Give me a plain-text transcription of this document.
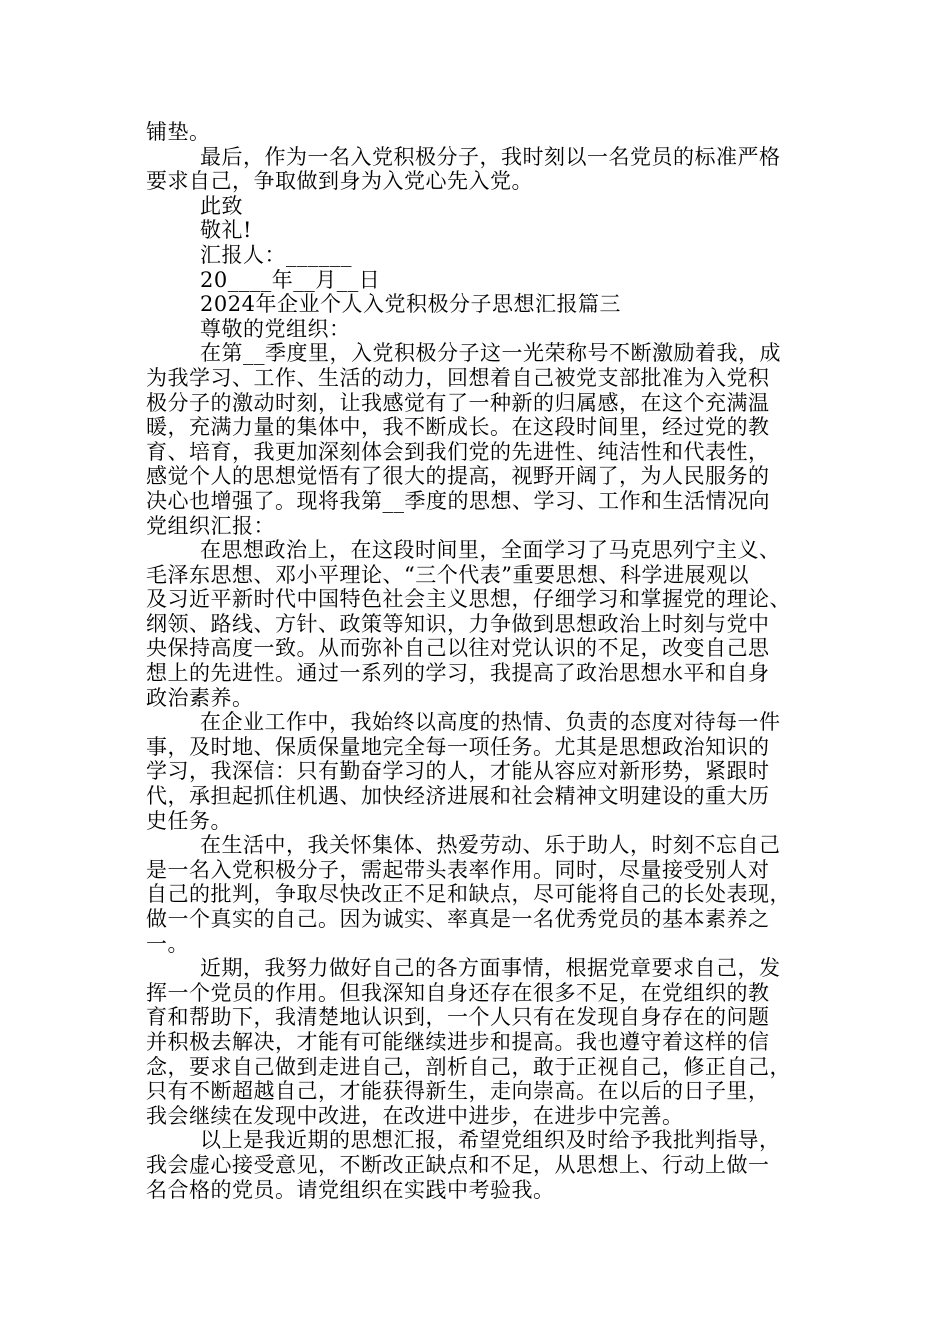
铺垫。
最后，作为一名入党积极分子，我时刻以一名党员的标准严格
要求自己，争取做到身为入党心先入党。
此致
敬礼!
汇报人：______
20____年__月__日
2024年企业个人入党积极分子思想汇报篇三
尊敬的党组织：
在第__季度里，入党积极分子这一光荣称号不断激励着我，成
为我学习、工作、生活的动力，回想着自己被党支部批准为入党积
极分子的激动时刻，让我感觉有了一种新的归属感，在这个充满温
暖，充满力量的集体中，我不断成长。在这段时间里，经过党的教
育、培育，我更加深刻体会到我们党的先进性、纯洁性和代表性，
感觉个人的思想觉悟有了很大的提高，视野开阔了，为人民服务的
决心也增强了。现将我第__季度的思想、学习、工作和生活情况向
党组织汇报：
在思想政治上，在这段时间里，全面学习了马克思列宁主义、
毛泽东思想、邓小平理论、“三个代表”重要思想、科学进展观以
及习近平新时代中国特色社会主义思想，仔细学习和掌握党的理论、
纲领、路线、方针、政策等知识，力争做到思想政治上时刻与党中
央保持高度一致。从而弥补自己以往对党认识的不足，改变自己思
想上的先进性。通过一系列的学习，我提高了政治思想水平和自身
政治素养。
在企业工作中，我始终以高度的热情、负责的态度对待每一件
事，及时地、保质保量地完全每一项任务。尤其是思想政治知识的
学习，我深信：只有勤奋学习的人，才能从容应对新形势，紧跟时
代，承担起抓住机遇、加快经济进展和社会精神文明建设的重大历
史任务。
在生活中，我关怀集体、热爱劳动、乐于助人，时刻不忘自己
是一名入党积极分子，需起带头表率作用。同时，尽量接受别人对
自己的批判，争取尽快改正不足和缺点，尽可能将自己的长处表现，
做一个真实的自己。因为诚实、率真是一名优秀党员的基本素养之
一。
近期，我努力做好自己的各方面事情，根据党章要求自己，发
挥一个党员的作用。但我深知自身还存在很多不足，在党组织的教
育和帮助下，我清楚地认识到，一个人只有在发现自身存在的问题
并积极去解决，才能有可能继续进步和提高。我也遵守着这样的信
念，要求自己做到走进自己，剖析自己，敢于正视自己，修正自己，
只有不断超越自己，才能获得新生，走向崇高。在以后的日子里，
我会继续在发现中改进，在改进中进步，在进步中完善。
以上是我近期的思想汇报，希望党组织及时给予我批判指导，
我会虚心接受意见，不断改正缺点和不足，从思想上、行动上做一
名合格的党员。请党组织在实践中考验我。
